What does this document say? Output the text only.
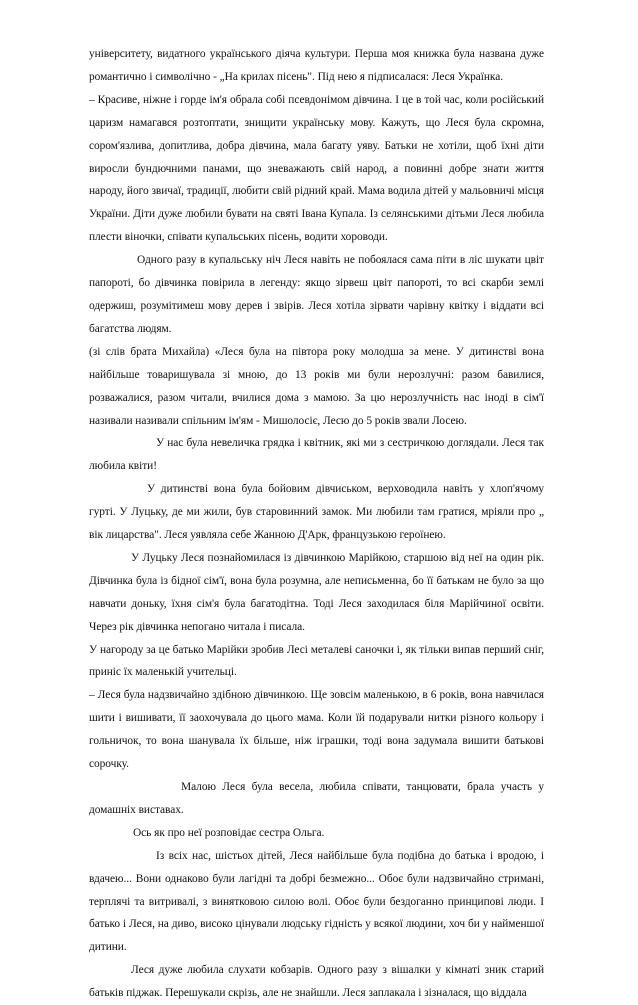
університету, видатного українського діяча культури. Перша моя книжка була названа дуже романтично і символічно - „На крилах пісень". Під нею я підписалася: Леся Українка.

– Красиве, ніжне і горде ім'я обрала собі псевдонімом дівчина. І це в той час, коли російський царизм намагався розтоптати, знищити українську мову. Кажуть, що Леся була скромна, сором'язлива, допитлива, добра дівчина, мала багату уяву. Батьки не хотіли, щоб їхні діти виросли бундючними панами, що зневажають свій народ, а повинні добре знати життя народу, його звичаї, традиції, любити свій рідний край. Мама водила дітей у мальовничі місця України. Діти дуже любили бувати на святі Івана Купала. Із селянськими дітьми Леся любила плести віночки, співати купальських пісень, водити хороводи.

Одного разу в купальську ніч Леся навіть не побоялася сама піти в ліс шукати цвіт папороті, бо дівчинка повірила в легенду: якщо зірвеш цвіт папороті, то всі скарби землі одержиш, розумітимеш мову дерев і звірів. Леся хотіла зірвати чарівну квітку і віддати всі багатства людям.

(зі слів брата Михайла) «Леся була на півтора року молодша за мене. У дитинстві вона найбільше товаришувала зі мною, до 13 років ми були нерозлучні: разом бавилися, розважалися, разом читали, вчилися дома з мамою. За цю нерозлучність нас іноді в сім'ї називали називали спільним ім'ям - Мишолосіє, Лесю до 5 років звали Лосею.

У нас була невеличка грядка і квітник, які ми з сестричкою доглядали. Леся так любила квіти!

У дитинстві вона була бойовим дівчиськом, верховодила навіть у хлоп'ячому гурті. У Луцьку, де ми жили, був старовинний замок. Ми любили там гратися, мріяли про „ вік лицарства". Леся уявляла себе Жанною Д'Арк, французькою героїнею.

У Луцьку Леся познайомилася із дівчинкою Марійкою, старшою від неї на один рік. Дівчинка була із бідної сім'ї, вона була розумна, але неписьменна, бо її батькам не було за що навчати доньку, їхня сім'я була багатодітна. Тоді Леся заходилася біля Марійчиної освіти. Через рік дівчинка непогано читала і писала.

У нагороду за це батько Марійки зробив Лесі металеві саночки і, як тільки випав перший сніг, приніс їх маленькій учительці.

– Леся була надзвичайно здібною дівчинкою. Ще зовсім маленькою, в 6 років, вона навчилася шити і вишивати, її заохочувала до цього мама. Коли їй подарували нитки різного кольору і гольничок, то вона шанувала їх більше, ніж іграшки, тоді вона задумала вишити батькові сорочку.

Малою Леся була весела, любила співати, танцювати, брала участь у домашніх виставах.

Ось як про неї розповідає сестра Ольга.

Із всіх нас, шістьох дітей, Леся найбільше була подібна до батька і вродою, і вдачею... Вони однаково були лагідні та добрі безмежно... Обоє були надзвичайно стримані, терплячі та витривалі, з винятковою силою волі. Обоє були бездоганно принципові люди. І батько і Леся, на диво, високо цінували людську гідність у всякої людини, хоч би у найменшої дитини.

Леся дуже любила слухати кобзарів. Одного разу з вішалки у кімнаті зник старий батьків піджак. Перешукали скрізь, але не знайшли. Леся заплакала і зізналася, що віддала
